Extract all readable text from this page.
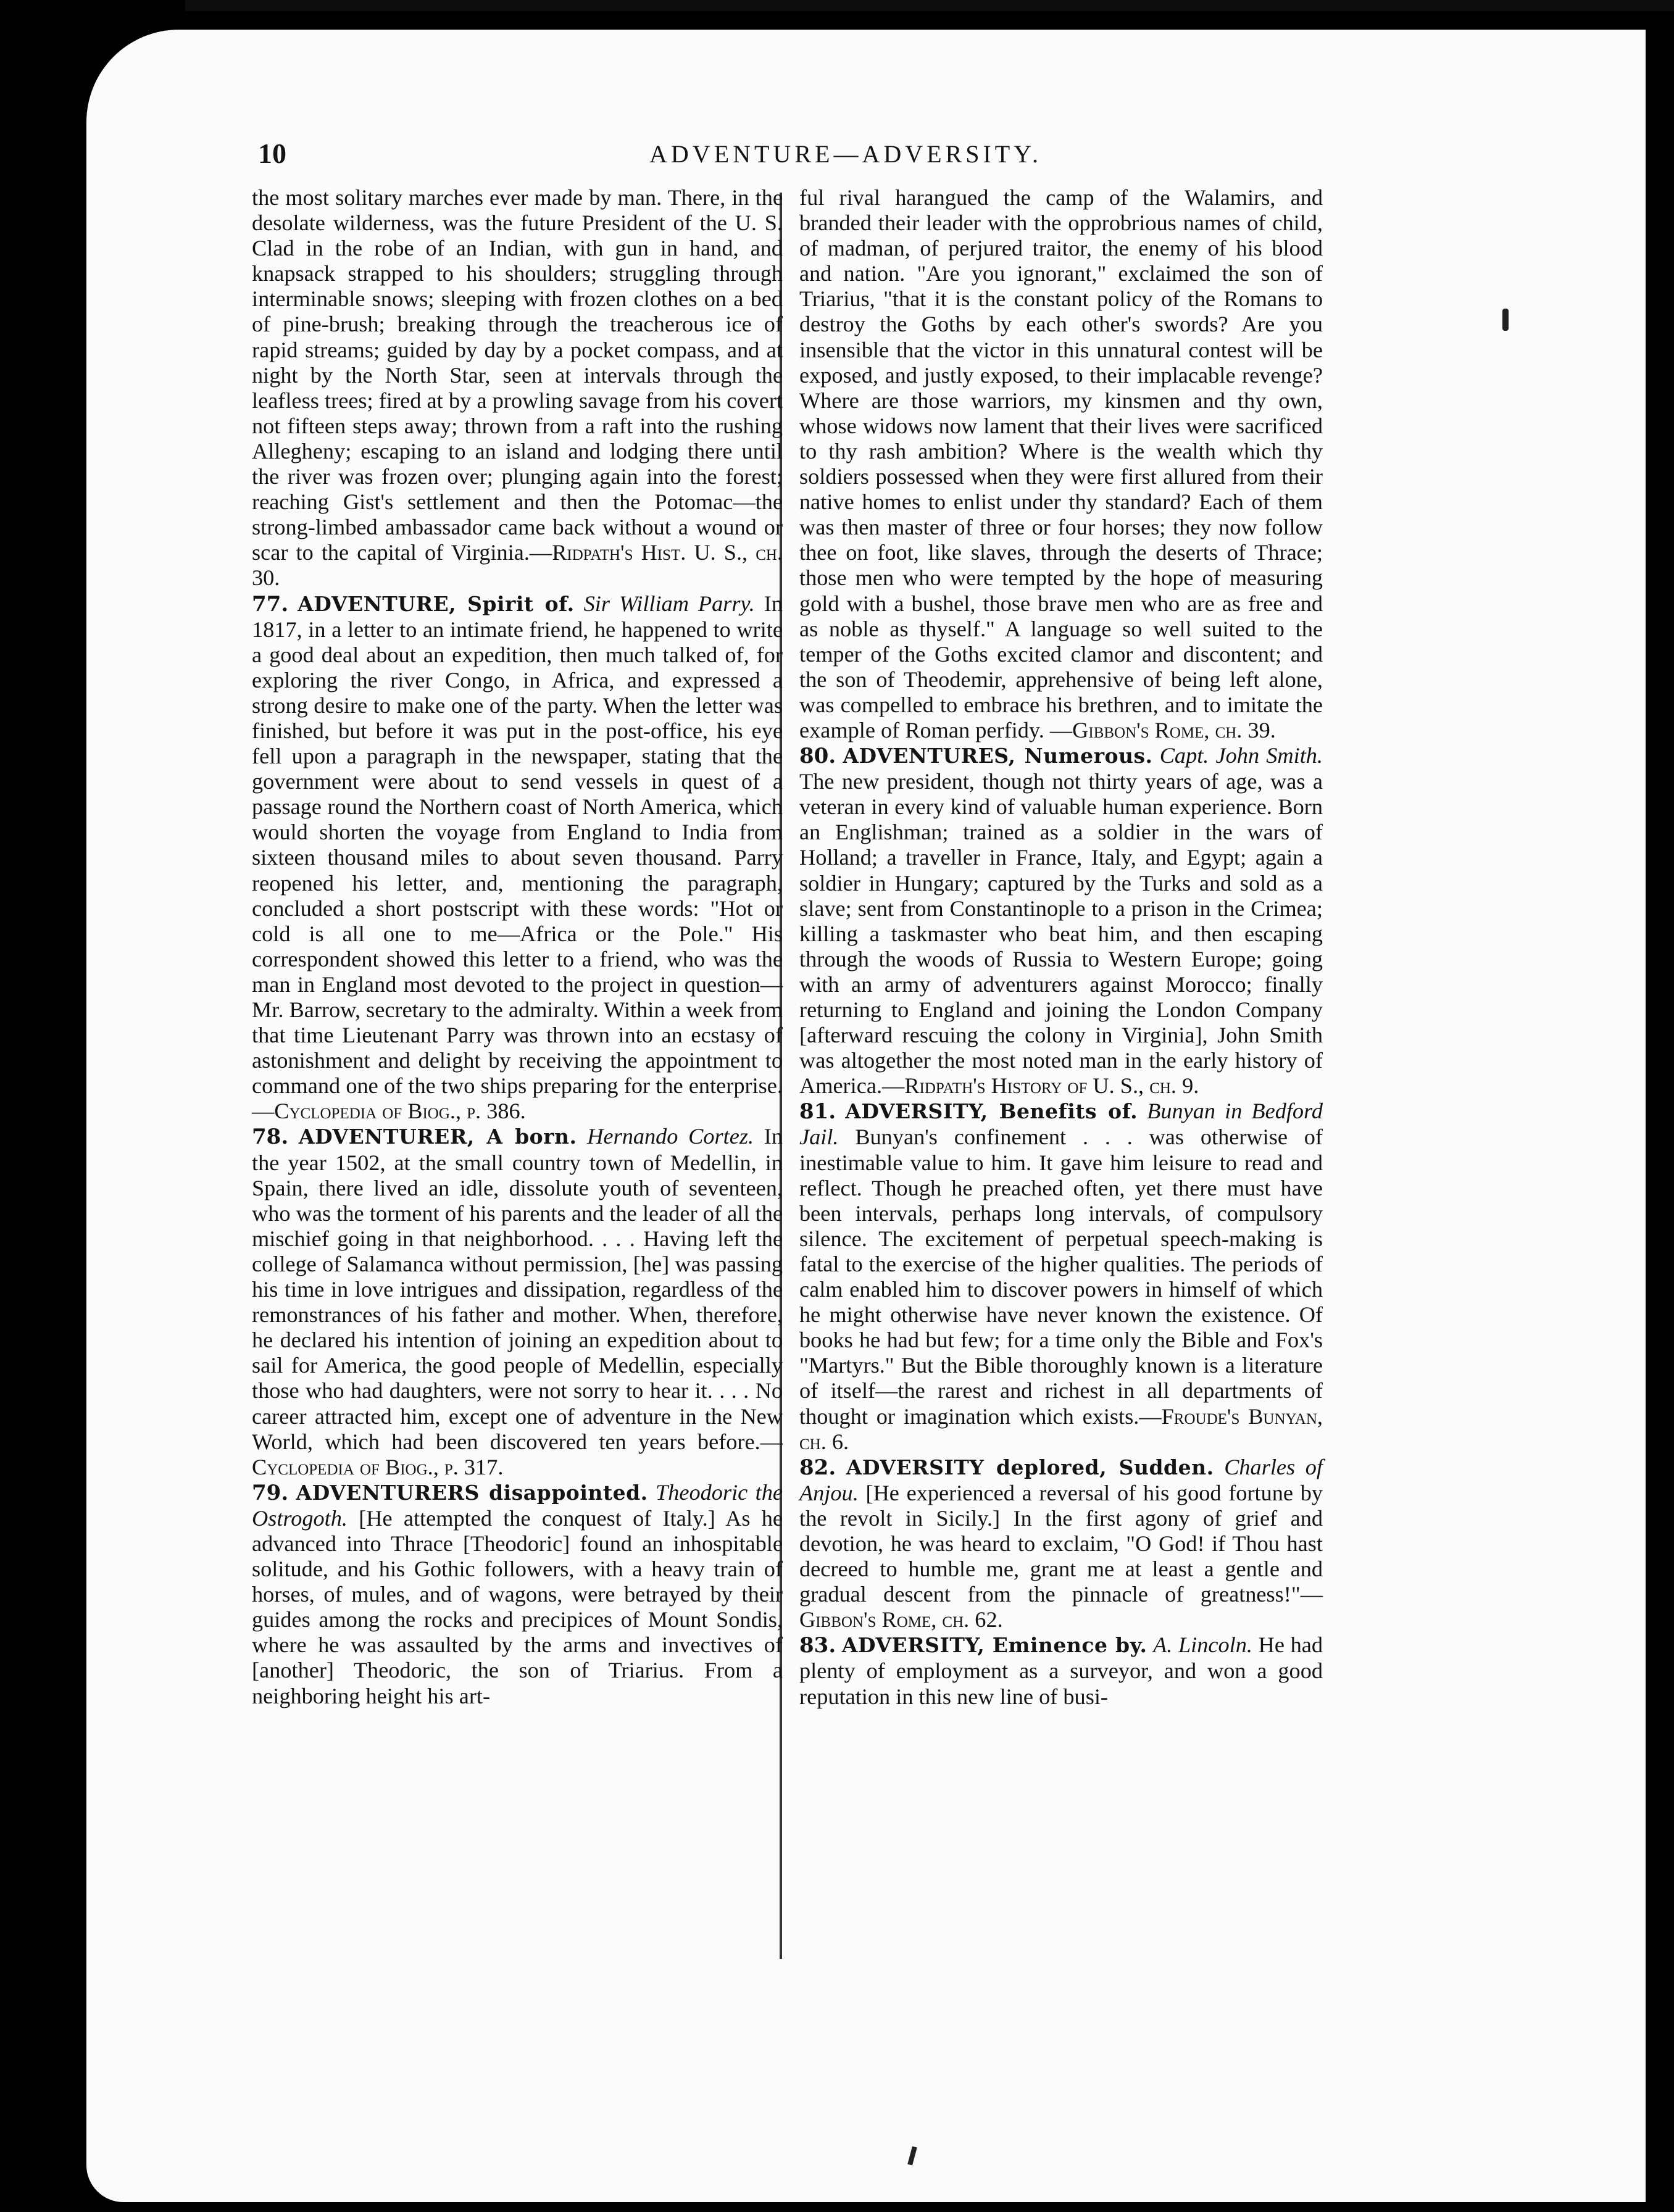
10	ADVENTURE—ADVERSITY.

the most solitary marches ever made by man. There, in the desolate wilderness, was the future President of the U. S. Clad in the robe of an Indian, with gun in hand, and knapsack strapped to his shoulders; struggling through interminable snows; sleeping with frozen clothes on a bed of pine-brush; breaking through the treacherous ice of rapid streams; guided by day by a pocket compass, and at night by the North Star, seen at intervals through the leafless trees; fired at by a prowling savage from his covert not fifteen steps away; thrown from a raft into the rushing Allegheny; escaping to an island and lodging there until the river was frozen over; plunging again into the forest; reaching Gist's settlement and then the Potomac—the strong-limbed ambassador came back without a wound or scar to the capital of Virginia.—Ridpath's Hist. U. S., ch. 30.

77. ADVENTURE, Spirit of. Sir William Parry. In 1817, in a letter to an intimate friend, he happened to write a good deal about an expedition, then much talked of, for exploring the river Congo, in Africa, and expressed a strong desire to make one of the party. When the letter was finished, but before it was put in the post-office, his eye fell upon a paragraph in the newspaper, stating that the government were about to send vessels in quest of a passage round the Northern coast of North America, which would shorten the voyage from England to India from sixteen thousand miles to about seven thousand. Parry reopened his letter, and, mentioning the paragraph, concluded a short postscript with these words: "Hot or cold is all one to me—Africa or the Pole." His correspondent showed this letter to a friend, who was the man in England most devoted to the project in question—Mr. Barrow, secretary to the admiralty. Within a week from that time Lieutenant Parry was thrown into an ecstasy of astonishment and delight by receiving the appointment to command one of the two ships preparing for the enterprise.—Cyclopedia of Biog., p. 386.

78. ADVENTURER, A born. Hernando Cortez. In the year 1502, at the small country town of Medellin, in Spain, there lived an idle, dissolute youth of seventeen, who was the torment of his parents and the leader of all the mischief going in that neighborhood. . . . Having left the college of Salamanca without permission, [he] was passing his time in love intrigues and dissipation, regardless of the remonstrances of his father and mother. When, therefore, he declared his intention of joining an expedition about to sail for America, the good people of Medellin, especially those who had daughters, were not sorry to hear it. . . . No career attracted him, except one of adventure in the New World, which had been discovered ten years before.—Cyclopedia of Biog., p. 317.

79. ADVENTURERS disappointed. Theodoric the Ostrogoth. [He attempted the conquest of Italy.] As he advanced into Thrace [Theodoric] found an inhospitable solitude, and his Gothic followers, with a heavy train of horses, of mules, and of wagons, were betrayed by their guides among the rocks and precipices of Mount Sondis, where he was assaulted by the arms and invectives of [another] Theodoric, the son of Triarius. From a neighboring height his art-

ful rival harangued the camp of the Walamirs, and branded their leader with the opprobrious names of child, of madman, of perjured traitor, the enemy of his blood and nation. "Are you ignorant," exclaimed the son of Triarius, "that it is the constant policy of the Romans to destroy the Goths by each other's swords? Are you insensible that the victor in this unnatural contest will be exposed, and justly exposed, to their implacable revenge? Where are those warriors, my kinsmen and thy own, whose widows now lament that their lives were sacrificed to thy rash ambition? Where is the wealth which thy soldiers possessed when they were first allured from their native homes to enlist under thy standard? Each of them was then master of three or four horses; they now follow thee on foot, like slaves, through the deserts of Thrace; those men who were tempted by the hope of measuring gold with a bushel, those brave men who are as free and as noble as thyself." A language so well suited to the temper of the Goths excited clamor and discontent; and the son of Theodemir, apprehensive of being left alone, was compelled to embrace his brethren, and to imitate the example of Roman perfidy. —Gibbon's Rome, ch. 39.

80. ADVENTURES, Numerous. Capt. John Smith. The new president, though not thirty years of age, was a veteran in every kind of valuable human experience. Born an Englishman; trained as a soldier in the wars of Holland; a traveller in France, Italy, and Egypt; again a soldier in Hungary; captured by the Turks and sold as a slave; sent from Constantinople to a prison in the Crimea; killing a taskmaster who beat him, and then escaping through the woods of Russia to Western Europe; going with an army of adventurers against Morocco; finally returning to England and joining the London Company [afterward rescuing the colony in Virginia], John Smith was altogether the most noted man in the early history of America.—Ridpath's History of U. S., ch. 9.

81. ADVERSITY, Benefits of. Bunyan in Bedford Jail. Bunyan's confinement . . . was otherwise of inestimable value to him. It gave him leisure to read and reflect. Though he preached often, yet there must have been intervals, perhaps long intervals, of compulsory silence. The excitement of perpetual speech-making is fatal to the exercise of the higher qualities. The periods of calm enabled him to discover powers in himself of which he might otherwise have never known the existence. Of books he had but few; for a time only the Bible and Fox's "Martyrs." But the Bible thoroughly known is a literature of itself—the rarest and richest in all departments of thought or imagination which exists.—Froude's Bunyan, ch. 6.

82. ADVERSITY deplored, Sudden. Charles of Anjou. [He experienced a reversal of his good fortune by the revolt in Sicily.] In the first agony of grief and devotion, he was heard to exclaim, "O God! if Thou hast decreed to humble me, grant me at least a gentle and gradual descent from the pinnacle of greatness!"—Gibbon's Rome, ch. 62.

83. ADVERSITY, Eminence by. A. Lincoln. He had plenty of employment as a surveyor, and won a good reputation in this new line of busi-
